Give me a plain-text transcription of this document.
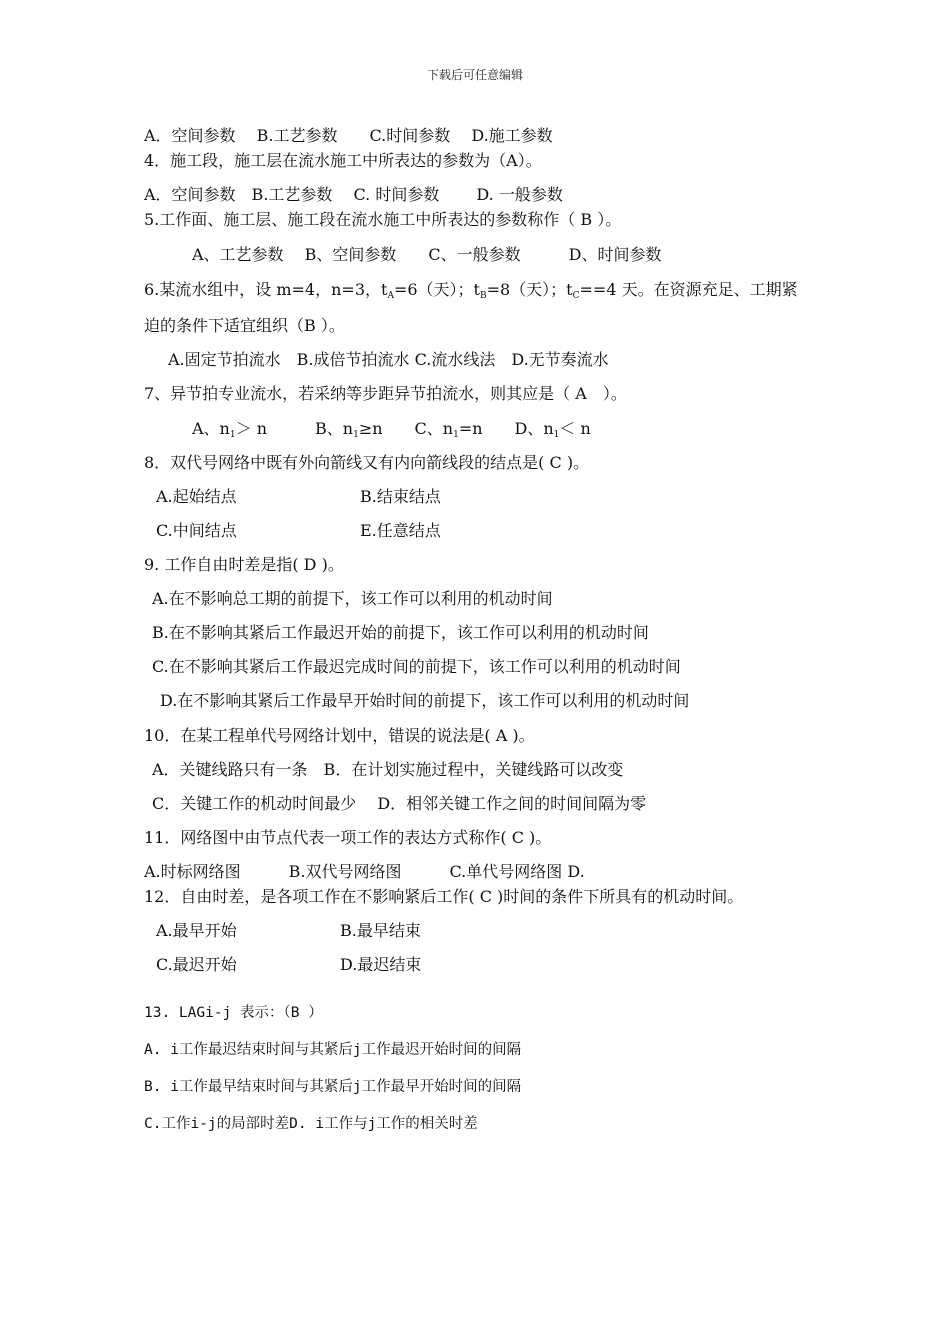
下载后可任意编辑
A．空间参数　 B.工艺参数　　C.时间参数　 D.施工参数
4．施工段，施工层在流水施工中所表达的参数为（A）。
A．空间参数　B.工艺参数　 C. 时间参数　　 D. 一般参数
5.工作面、施工层、施工段在流水施工中所表达的参数称作（ B ）。
A、工艺参数　 B、空间参数　　C、一般参数　　　D、时间参数
6.某流水组中，设 m=4，n=3，$t_A=6$（天）；$t_B=8$（天）；$t_C==4$ 天。在资源充足、工期紧
迫的条件下适宜组织（B ）。
A.固定节拍流水　B.成倍节拍流水 C.流水线法　D.无节奏流水
7、异节拍专业流水，若采纳等步距异节拍流水，则其应是（ A　）。
A、$n_1> n$　　　B、$n_1\ge n$　　C、$n_1=n$　　D、$n_1< n$
8．双代号网络中既有外向箭线又有内向箭线段的结点是( C )。
A.起始结点	B.结束结点
C.中间结点	E.任意结点
9. 工作自由时差是指( D )。
A.在不影响总工期的前提下，该工作可以利用的机动时间
B.在不影响其紧后工作最迟开始的前提下，该工作可以利用的机动时间
C.在不影响其紧后工作最迟完成时间的前提下，该工作可以利用的机动时间
D.在不影响其紧后工作最早开始时间的前提下，该工作可以利用的机动时间
10．在某工程单代号网络计划中，错误的说法是( A )。
A．关键线路只有一条　B．在计划实施过程中，关键线路可以改变
C．关键工作的机动时间最少　 D．相邻关键工作之间的时间间隔为零
11．网络图中由节点代表一项工作的表达方式称作( C )。
A.时标网络图　　　B.双代号网络图　　　C.单代号网络图 D.
12．自由时差，是各项工作在不影响紧后工作( C )时间的条件下所具有的机动时间。
A.最早开始	B.最早结束
C.最迟开始	D.最迟结束
13. LAGi-j 表示：（B ）
A. i工作最迟结束时间与其紧后j工作最迟开始时间的间隔
B. i工作最早结束时间与其紧后j工作最早开始时间的间隔
C.工作i-j的局部时差D. i工作与j工作的相关时差
